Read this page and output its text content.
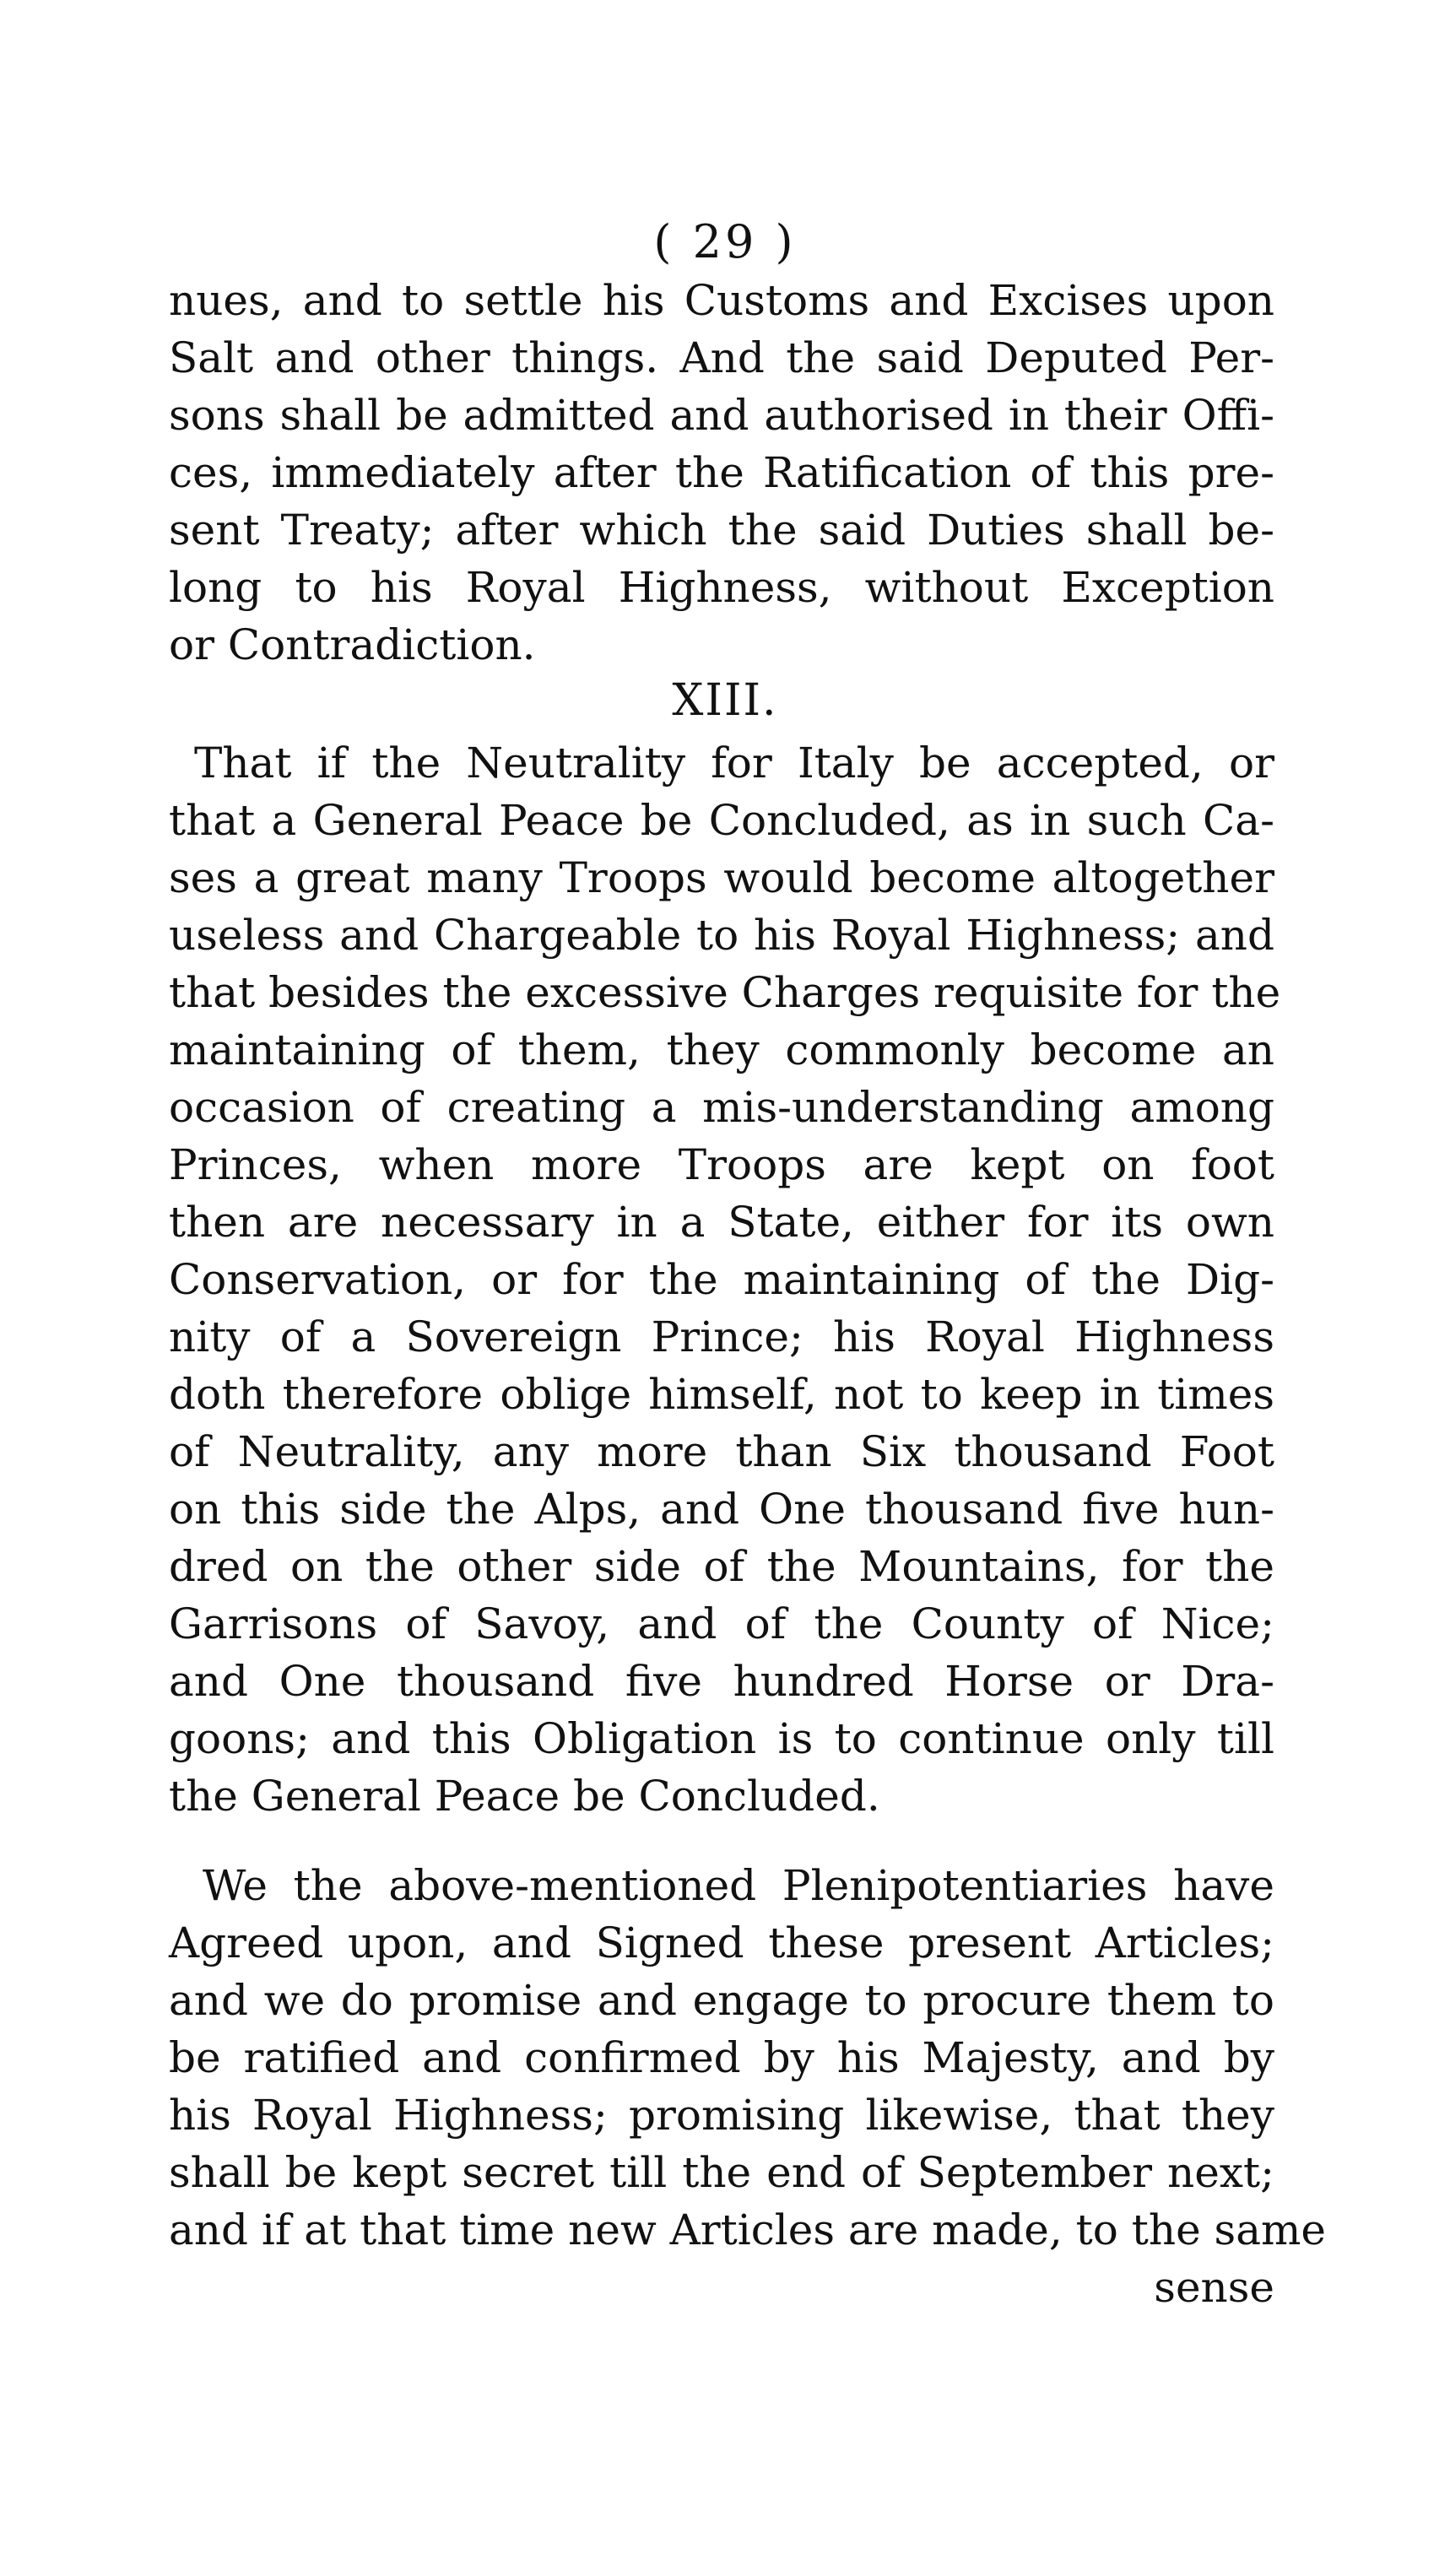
( 29 )
nues, and to settle his Customs and Excises upon
Salt and other things. And the said Deputed Per-
sons shall be admitted and authorised in their Offi-
ces, immediately after the Ratification of this pre-
sent Treaty; after which the said Duties shall be-
long to his Royal Highness, without Exception
or Contradiction.
XIII.
That if the Neutrality for Italy be accepted, or
that a General Peace be Concluded, as in such Ca-
ses a great many Troops would become altogether
useless and Chargeable to his Royal Highness; and
that besides the excessive Charges requisite for the
maintaining of them, they commonly become an
occasion of creating a mis-understanding among
Princes, when more Troops are kept on foot
then are necessary in a State, either for its own
Conservation, or for the maintaining of the Dig-
nity of a Sovereign Prince; his Royal Highness
doth therefore oblige himself, not to keep in times
of Neutrality, any more than Six thousand Foot
on this side the Alps, and One thousand five hun-
dred on the other side of the Mountains, for the
Garrisons of Savoy, and of the County of Nice;
and One thousand five hundred Horse or Dra-
goons; and this Obligation is to continue only till
the General Peace be Concluded.
We the above-mentioned Plenipotentiaries have
Agreed upon, and Signed these present Articles;
and we do promise and engage to procure them to
be ratified and confirmed by his Majesty, and by
his Royal Highness; promising likewise, that they
shall be kept secret till the end of September next;
and if at that time new Articles are made, to the same
sense
